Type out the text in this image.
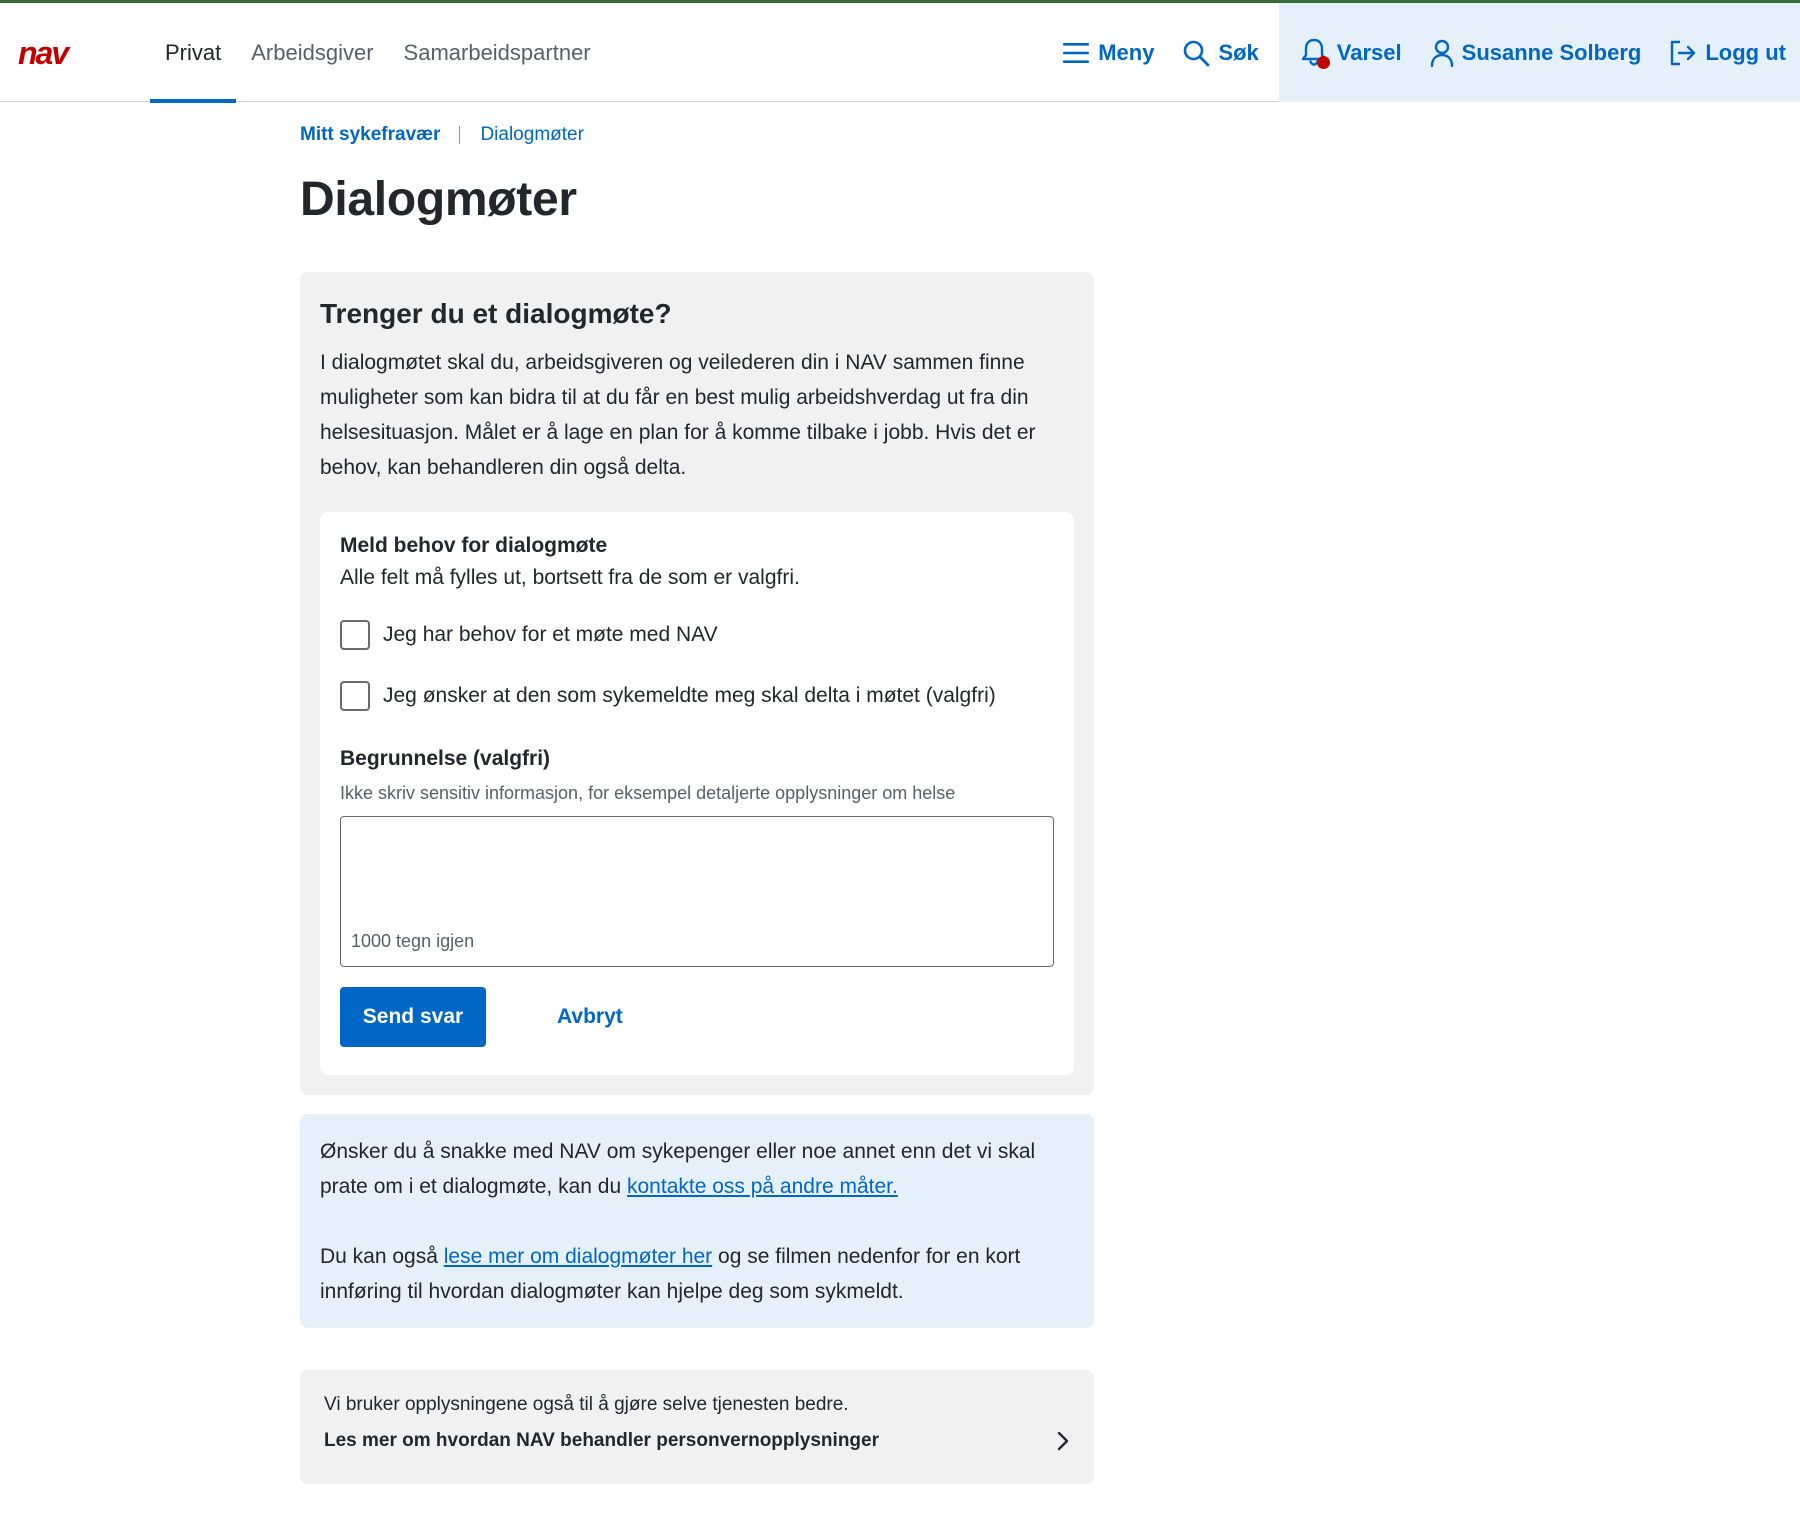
nav	Privat	Arbeidsgiver	Samarbeidspartner	Meny	Søk	Varsel	Susanne Solberg	Logg ut
Mitt sykefravær Dialogmøter
Dialogmøter
Trenger du et dialogmøte?

I dialogmøtet skal du, arbeidsgiveren og veilederen din i NAV sammen finne muligheter som kan bidra til at du får en best mulig arbeidshverdag ut fra din helsesituasjon. Målet er å lage en plan for å komme tilbake i jobb. Hvis det er behov, kan behandleren din også delta.

Meld behov for dialogmøte
Alle felt må fylles ut, bortsett fra de som er valgfri.
Jeg har behov for et møte med NAV
Jeg ønsker at den som sykemeldte meg skal delta i møtet (valgfri)
Begrunnelse (valgfri)
Ikke skriv sensitiv informasjon, for eksempel detaljerte opplysninger om helse
1000 tegn igjen
Send svar	Avbryt

Ønsker du å snakke med NAV om sykepenger eller noe annet enn det vi skal prate om i et dialogmøte, kan du kontakte oss på andre måter.

Du kan også lese mer om dialogmøter her og se filmen nedenfor for en kort innføring til hvordan dialogmøter kan hjelpe deg som sykmeldt.

Vi bruker opplysningene også til å gjøre selve tjenesten bedre.
Les mer om hvordan NAV behandler personvernopplysninger
